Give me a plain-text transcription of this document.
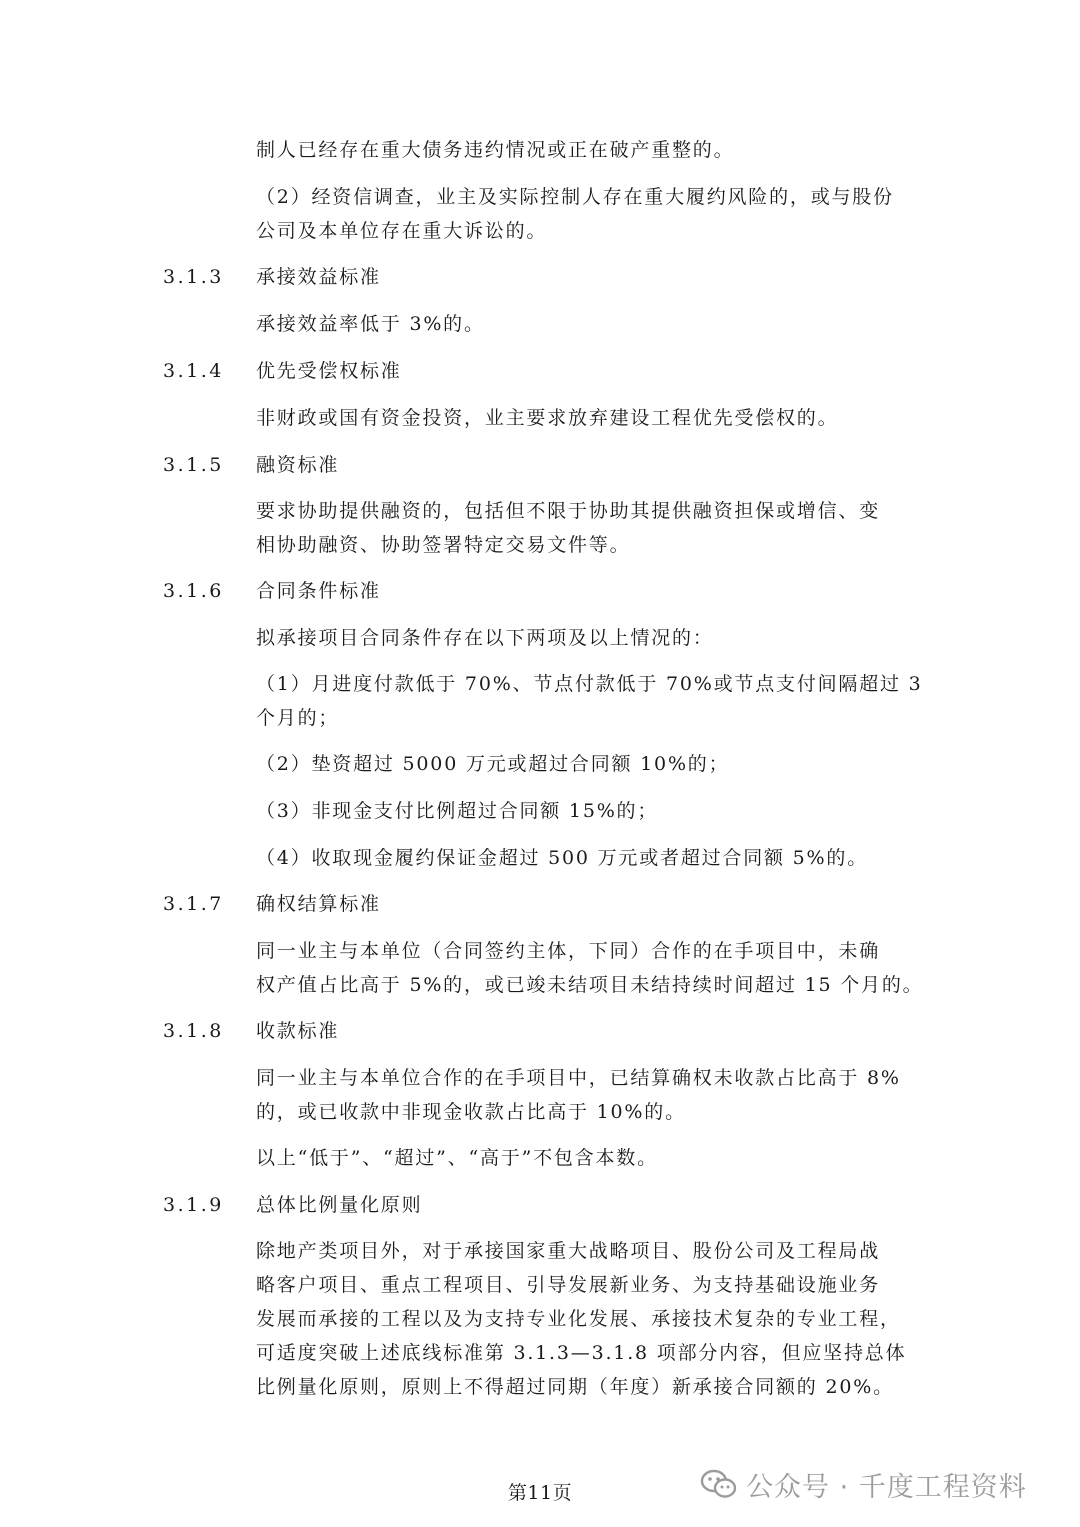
制人已经存在重大债务违约情况或正在破产重整的。
（2）经资信调查，业主及实际控制人存在重大履约风险的，或与股份
公司及本单位存在重大诉讼的。
3.1.3 承接效益标准
承接效益率低于 3%的。
3.1.4 优先受偿权标准
非财政或国有资金投资，业主要求放弃建设工程优先受偿权的。
3.1.5 融资标准
要求协助提供融资的，包括但不限于协助其提供融资担保或增信、变
相协助融资、协助签署特定交易文件等。
3.1.6 合同条件标准
拟承接项目合同条件存在以下两项及以上情况的：
（1）月进度付款低于 70%、节点付款低于 70%或节点支付间隔超过 3
个月的；
（2）垫资超过 5000 万元或超过合同额 10%的；
（3）非现金支付比例超过合同额 15%的；
（4）收取现金履约保证金超过 500 万元或者超过合同额 5%的。
3.1.7 确权结算标准
同一业主与本单位（合同签约主体，下同）合作的在手项目中，未确
权产值占比高于 5%的，或已竣未结项目未结持续时间超过 15 个月的。
3.1.8 收款标准
同一业主与本单位合作的在手项目中，已结算确权未收款占比高于 8%
的，或已收款中非现金收款占比高于 10%的。
以上“低于”、“超过”、“高于”不包含本数。
3.1.9 总体比例量化原则
除地产类项目外，对于承接国家重大战略项目、股份公司及工程局战
略客户项目、重点工程项目、引导发展新业务、为支持基础设施业务
发展而承接的工程以及为支持专业化发展、承接技术复杂的专业工程，
可适度突破上述底线标准第 3.1.3—3.1.8 项部分内容，但应坚持总体
比例量化原则，原则上不得超过同期（年度）新承接合同额的 20%。
第11页	公众号 · 千度工程资料
